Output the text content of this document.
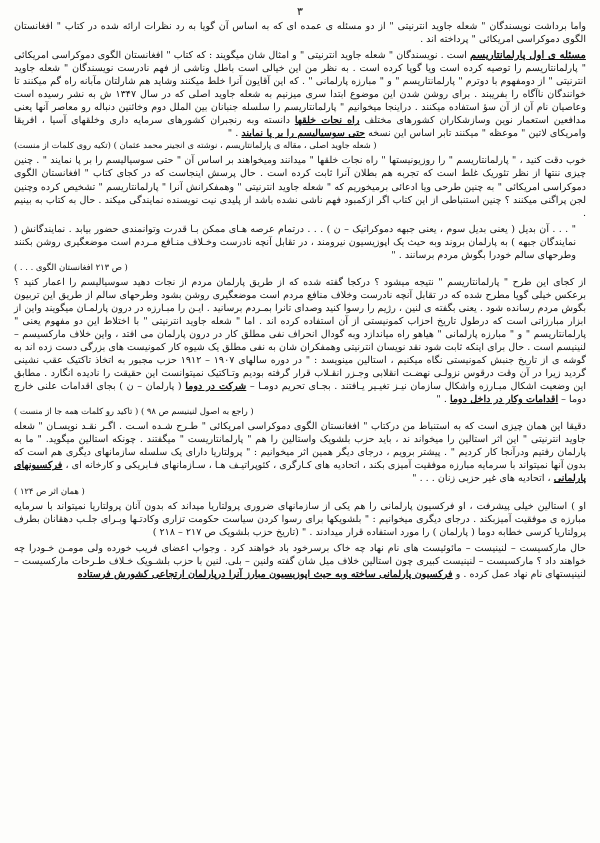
۳

واما برداشت نویسندگان " شعله جاوید انترنیتی " از دو مسئله ی عمده ای که به اساس آن گویا به رد نظرات ارائه شده در کتاب " افغانستان الگوی دموکراسی امریکائی " پرداخته اند .

مسئله ی اول پارلمانتاریسم است . نویسندگان " شعله جاوید انترنیتی " و امثال شان میگویند : که کتاب " افغانستان الگوی دموکراسی امریکائی " پارلمانتاریسم را توصیه کرده است ویا گویا کرده است . به نظر من این خیالی است باطل وناشی از فهم نادرست نویسندگان " شعله جاوید انترنیتی " از دومفهوم با دوترم " پارلمانتاریسم " و " مبارزه پارلمانی " . که این آقایون آنرا خلط میکنند وشاید هم شارلتان مآبانه راه گم میکنند تا خوانندگان ناآگاه را بفریبند . برای روشن شدن این موضوع ابتدا سری میزنیم به شعله جاوید اصلی که در سال ۱۳۴۷ ش به نشر رسیده است وعاصیان نام آن از آن سؤ استفاده میکنند . دراینجا میخوانیم " پارلمانتاریسم را سلسله جنبانان بین الملل دوم وخائنین دنباله رو معاصر آنها یعنی مدافعین استعمار نوین وسازشکاران کشورهای مختلف راه نجات خلقها دانسته وبه رنجبران کشورهای سرمایه داری وخلقهای آسیا ، افریقا وامریکای لاتین " موعظه " میکنند تابر اساس این نسخه حتی سوسیالیسم را بر پا نمایند . "
( شعله جاوید اصلی ، مقاله ی پارلمانتاریسم ، نوشته ی انجینر محمد عثمان ) (تکیه روی کلمات از منست)

خوب دقت کنید ، " پارلمانتاریسم " را روزیونیستها " راه نجات خلقها " میدانند ومیخواهند بر اساس آن " حتی سوسیالیسم را بر پا نمایند " . چنین چیزی ننتها از نظر تئوریک غلط است که تجربه هم بطلان آنرا ثابت کرده است . حال پرسش اینجاست که در کجای کتاب " افغانستان الگوی دموکراسی امریکائی " به چنین طرحی ویا ادعائی برمیخوریم که " شعله جاوید انترنیتی " وهمفکرانش آنرا " پارلمانتاریسم " تشخیص کرده وچنین لجن پراگنی میکنند ؟ چنین استنباطی از این کتاب اگر ازکمبود فهم ناشی نشده باشد از پلیدی نیت نویسنده نمایندگی میکند . حال به کتاب به بینیم .

" . . . آن بدیل ( یعنی بدیل سوم ، یعنی جبهه دموکراتیک – ن ) . . . درتمام عرصه هـای ممکن بـا قدرت وتوانمندی حضور بیابد . نمایندگانش ( نمایندگان جبهه ) به پارلمان بروند وبه حیث یک اپوزیسیون نیرومند ، در تقابل آنچه نادرست وخـلاف منـافع مـردم است موضعگیری روشن بکنند وطرحهای سالم خودرا بگوش مردم برسانند . "
( ص ۲۱۳ افغانستان الگوی . . . )

از کجای این طرح " پارلمانتاریسم " نتیجه میشود ؟ درکجا گفته شده که از طریق پارلمان مردم از نجات دهید سوسیالیسم را اعمار کنید ؟ برعکس خیلی گویا مطرح شده که در تقابل آنچه نادرست وخلاف منافع مردم است موضعگیری روشن بشود وطرحهای سالم از طریق این تربیون بگوش مردم رسانده شود . یعنی بگفته ی لنین ، رژیم را رسوا کنید وصدای تانرا بمـردم برسانید . ایـن را مبـارزه در درون پارلمـان میگویند واین از ابزار مبارزاتی است که درطول تاریخ احزاب کمونیستی از آن استفاده کرده اند . اما " شعله جاوید انترنیتی " با اختلاط این دو مفهوم یعنی " پارلمانتاریسم " و " مبارزه پارلمانی " هیاهو راه میاندازد وبه گودال انحراف نفی مطلق کار در درون پارلمان می افتد ، واین خلاف مارکسیسم – لنینیسم است . حال برای اینکه ثابت شود نقد نویسان انترنیتی وهمفکران شان به نفی مطلق یک شیوه کار کمونیست های بزرگی دست زده اند به گوشه ی از تاریخ جنبش کمونیستی نگاه میکنیم ، استالین مینویسد : " در دوره سالهای ۱۹۰۷ – ۱۹۱۲ حزب مجبور به اتخاذ تاکتیک عقب نشینی گردید زیرا در آن وقت درقوس نزولـی نهضـت انقلابی وجـزر انقـلاب قرار گرفته بودیم وتـاکتیک نمیتوانست این حقیقت را نادیده انگارد . مطابق این وضعیت اشکال مبـارزه واشکال سازمان نیـز تغیـیر یـافتند . بجـای تحریم دومـا – شرکت در دوما ( پارلمان – ن ) بجای اقدامات علنی خارج دوما – اقدامات وکار در داخل دوما . "
( راجع به اصول لنینیسم ص ۹۸ ) ( تاکید رو کلمات همه جا از منست )

دقیقا این همان چیزی است که به استنباط من درکتاب " افغانستان الگوی دموکراسی امریکائی " طـرح شـده اسـت . اگـر نقـد نویسـان " شعله جاوید انترنیتی " این اثر استالین را میخواند ند ، باید حزب بلشویک واستالین را هم " پارلمانتاریست " میگفتند . چونکه استالین میگوید. " ما به پارلمان رفتیم ودرآنجا کار کردیم " . پیشتر برویم ، درجای دیگر همین اثر میخوانیم : " پرولتاریا دارای یک سلسله سازمانهای دیگری هم است که بدون آنها نمیتواند با سرمایه مبارزه موفقیت آمیزی بکند ، اتحادیه های کـارگری ، کئوپراتیـف هـا ، سـازمانهای فـابریکی و کارخانه ای ، فرکسیونهای پارلمانی ، اتحادیه های غیر حزبی زنان . . . "
( همان اثر ص ۱۲۴ )

او ) استالین خیلی پیشرفت ، او فرکسیون پارلمانی را هم یکی از سازمانهای ضروری پرولتاریا میداند که بدون آنان پرولتاریا نمیتواند با سرمایه مبارزه ی موفقیت آمیزبکند . درجای دیگری میخوانیم : " بلشویکها برای رسوا کردن سیاست حکومت تزاری وکادتـها وبـرای جلـب دهقانان بطرف پرولتاریا کرسی خطابه دوما ( پارلمان ) را مورد استفاده قرار میدادند . " (تاریخ حزب بلشویک ص ۲۱۷ – ۲۱۸ )

حال مارکسیست – لنینیست – مائوئیست های نام نهاد چه خاک برسرخود باد خواهند کرد . وجواب اعضای فریب خورده ولی مومـن خـودرا چه خواهند داد ؟ مارکسیست – لنینیست کبیری چون استالین خلاف میل شان گفته ولنین – بلی. لنین با حزب بلشـویک خـلاف طـرحات مارکسیست – لنینیستهای نام نهاد عمل کرده . و فرکسیون پارلمانی ساخته وبه حیث اپوزیسیون مبارز آنرا درپارلمان ارتجاعی کشورش فرستاده
